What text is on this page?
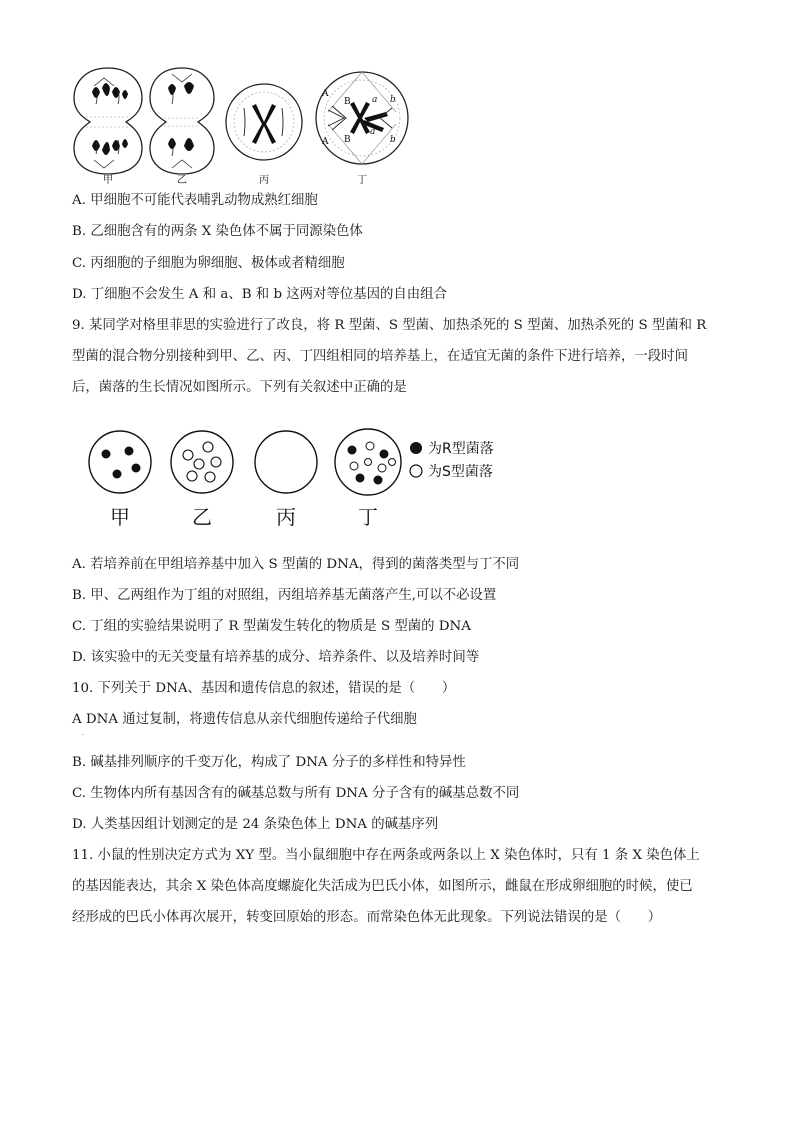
A
A
B a b
B
a
b
甲	乙	丙	丁
A. 甲细胞不可能代表哺乳动物成熟红细胞
B. 乙细胞含有的两条 X 染色体不属于同源染色体
C. 丙细胞的子细胞为卵细胞、极体或者精细胞
D. 丁细胞不会发生 A 和 a、B 和 b 这两对等位基因的自由组合
9. 某同学对格里菲思的实验进行了改良，将 R 型菌、S 型菌、加热杀死的 S 型菌、加热杀死的 S 型菌和 R
型菌的混合物分别接种到甲、乙、丙、丁四组相同的培养基上，在适宜无菌的条件下进行培养，一段时间
后，菌落的生长情况如图所示。下列有关叙述中正确的是
为R型菌落
为S型菌落
甲	乙	丙	丁
A. 若培养前在甲组培养基中加入 S 型菌的 DNA，得到的菌落类型与丁不同
B. 甲、乙两组作为丁组的对照组，丙组培养基无菌落产生,可以不必设置
C. 丁组的实验结果说明了 R 型菌发生转化的物质是 S 型菌的 DNA
D. 该实验中的无关变量有培养基的成分、培养条件、以及培养时间等
10. 下列关于 DNA、基因和遗传信息的叙述，错误的是（　　）
A DNA 通过复制，将遗传信息从亲代细胞传递给子代细胞
.
B. 碱基排列顺序的千变万化，构成了 DNA 分子的多样性和特异性
C. 生物体内所有基因含有的碱基总数与所有 DNA 分子含有的碱基总数不同
D. 人类基因组计划测定的是 24 条染色体上 DNA 的碱基序列
11. 小鼠的性别决定方式为 XY 型。当小鼠细胞中存在两条或两条以上 X 染色体时，只有 1 条 X 染色体上
的基因能表达，其余 X 染色体高度螺旋化失活成为巴氏小体，如图所示，雌鼠在形成卵细胞的时候，使已
经形成的巴氏小体再次展开，转变回原始的形态。而常染色体无此现象。下列说法错误的是（　　）
